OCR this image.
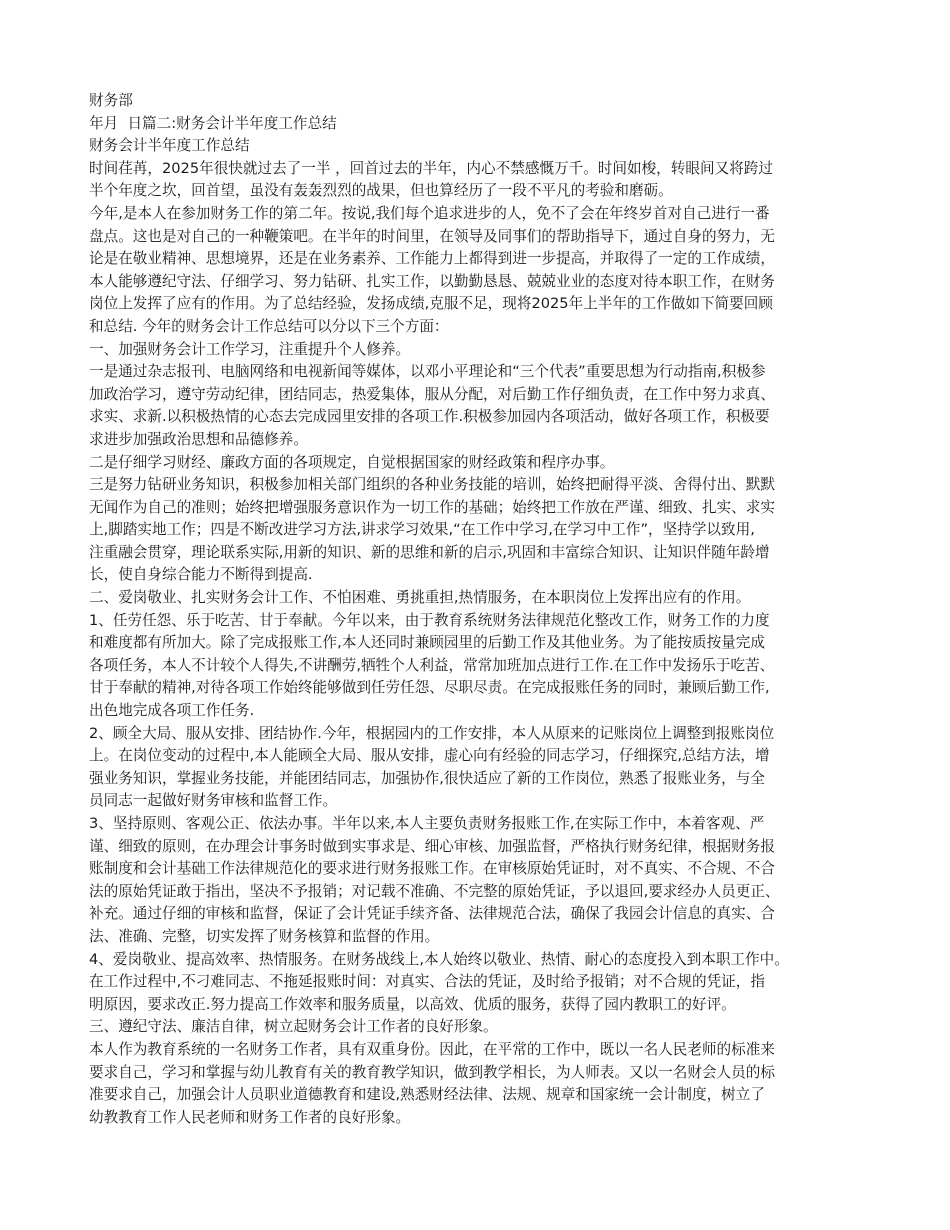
财务部

年月  日篇二:财务会计半年度工作总结

财务会计半年度工作总结

时间荏苒，2025年很快就过去了一半 ，回首过去的半年，内心不禁感慨万千。时间如梭，转眼间又将跨过

半个年度之坎，回首望，虽没有轰轰烈烈的战果，但也算经历了一段不平凡的考验和磨砺。

今年,是本人在参加财务工作的第二年。按说,我们每个追求进步的人，免不了会在年终岁首对自己进行一番

盘点。这也是对自己的一种鞭策吧。在半年的时间里，在领导及同事们的帮助指导下，通过自身的努力，无

论是在敬业精神、思想境界，还是在业务素养、工作能力上都得到进一步提高，并取得了一定的工作成绩，

本人能够遵纪守法、仔细学习、努力钻研、扎实工作，以勤勤恳恳、兢兢业业的态度对待本职工作，在财务

岗位上发挥了应有的作用。为了总结经验，发扬成绩,克服不足，现将2025年上半年的工作做如下简要回顾

和总结. 今年的财务会计工作总结可以分以下三个方面：

一、加强财务会计工作学习，注重提升个人修养。

一是通过杂志报刊、电脑网络和电视新闻等媒体，以邓小平理论和“三个代表”重要思想为行动指南,积极参

加政治学习，遵守劳动纪律，团结同志，热爱集体，服从分配，对后勤工作仔细负责，在工作中努力求真、

求实、求新.以积极热情的心态去完成园里安排的各项工作.积极参加园内各项活动，做好各项工作，积极要

求进步加强政治思想和品德修养。

二是仔细学习财经、廉政方面的各项规定，自觉根据国家的财经政策和程序办事。

三是努力钻研业务知识，积极参加相关部门组织的各种业务技能的培训，始终把耐得平淡、舍得付出、默默

无闻作为自己的准则；始终把增强服务意识作为一切工作的基础；始终把工作放在严谨、细致、扎实、求实

上,脚踏实地工作；四是不断改进学习方法,讲求学习效果,“在工作中学习,在学习中工作”，坚持学以致用,

注重融会贯穿，理论联系实际,用新的知识、新的思维和新的启示,巩固和丰富综合知识、让知识伴随年龄增

长，使自身综合能力不断得到提高.

二、爱岗敬业、扎实财务会计工作、不怕困难、勇挑重担,热情服务，在本职岗位上发挥出应有的作用。

1、任劳任怨、乐于吃苦、甘于奉献。今年以来，由于教育系统财务法律规范化整改工作，财务工作的力度

和难度都有所加大。除了完成报账工作,本人还同时兼顾园里的后勤工作及其他业务。为了能按质按量完成

各项任务，本人不计较个人得失,不讲酬劳,牺牲个人利益，常常加班加点进行工作.在工作中发扬乐于吃苦、

甘于奉献的精神,对待各项工作始终能够做到任劳任怨、尽职尽责。在完成报账任务的同时，兼顾后勤工作,

出色地完成各项工作任务.

2、顾全大局、服从安排、团结协作.今年，根据园内的工作安排，本人从原来的记账岗位上调整到报账岗位

上。在岗位变动的过程中,本人能顾全大局、服从安排，虚心向有经验的同志学习，仔细探究,总结方法，增

强业务知识，掌握业务技能，并能团结同志，加强协作,很快适应了新的工作岗位，熟悉了报账业务，与全

员同志一起做好财务审核和监督工作。

3、坚持原则、客观公正、依法办事。半年以来,本人主要负责财务报账工作,在实际工作中，本着客观、严

谨、细致的原则，在办理会计事务时做到实事求是、细心审核、加强监督，严格执行财务纪律，根据财务报

账制度和会计基础工作法律规范化的要求进行财务报账工作。在审核原始凭证时，对不真实、不合规、不合

法的原始凭证敢于指出，坚决不予报销；对记载不准确、不完整的原始凭证，予以退回,要求经办人员更正、

补充。通过仔细的审核和监督，保证了会计凭证手续齐备、法律规范合法，确保了我园会计信息的真实、合

法、准确、完整，切实发挥了财务核算和监督的作用。

4、爱岗敬业、提高效率、热情服务。在财务战线上,本人始终以敬业、热情、耐心的态度投入到本职工作中。

在工作过程中,不刁难同志、不拖延报账时间：对真实、合法的凭证，及时给予报销；对不合规的凭证，指

明原因，要求改正.努力提高工作效率和服务质量，以高效、优质的服务，获得了园内教职工的好评。

三、遵纪守法、廉洁自律，树立起财务会计工作者的良好形象。

本人作为教育系统的一名财务工作者，具有双重身份。因此，在平常的工作中，既以一名人民老师的标准来

要求自己，学习和掌握与幼儿教育有关的教育教学知识，做到教学相长，为人师表。又以一名财会人员的标

准要求自己，加强会计人员职业道德教育和建设,熟悉财经法律、法规、规章和国家统一会计制度，树立了

幼教教育工作人民老师和财务工作者的良好形象。
